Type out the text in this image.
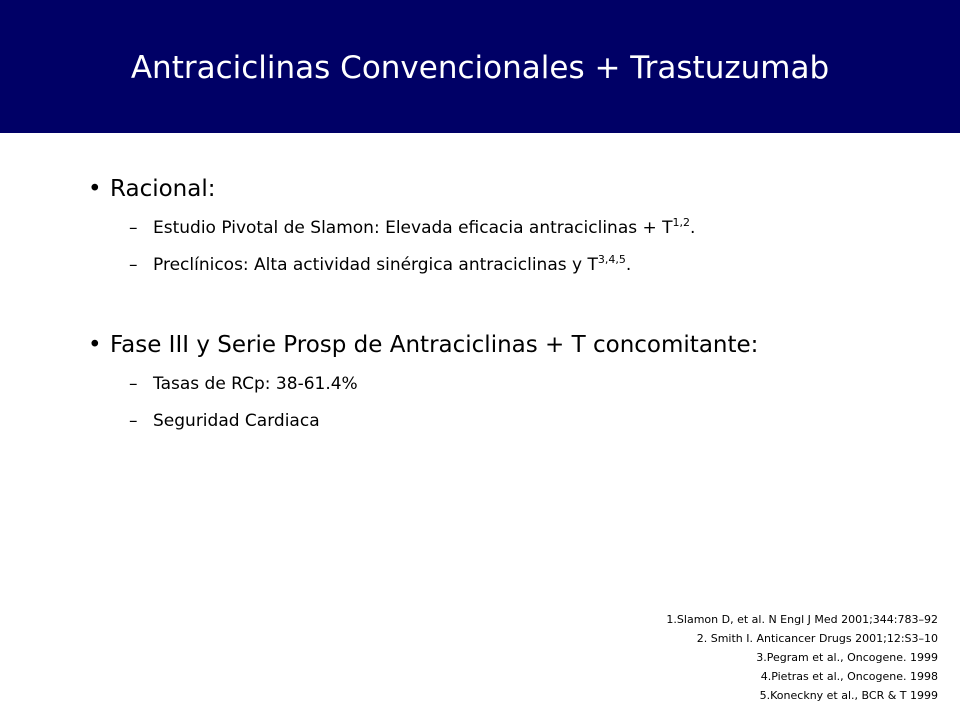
Antraciclinas Convencionales + Trastuzumab
• Racional:
– Estudio Pivotal de Slamon: Elevada eficacia antraciclinas + T$^{1,2}$.
– Preclínicos: Alta actividad sinérgica antraciclinas y T$^{3,4,5}$.
• Fase III y Serie Prosp de Antraciclinas + T concomitante:
– Tasas de RCp: 38-61.4%
– Seguridad Cardiaca
1.Slamon D, et al. N Engl J Med 2001;344:783–92
2. Smith I. Anticancer Drugs 2001;12:S3–10
3.Pegram et al., Oncogene. 1999
4.Pietras et al., Oncogene. 1998
5.Koneckny et al., BCR & T 1999
